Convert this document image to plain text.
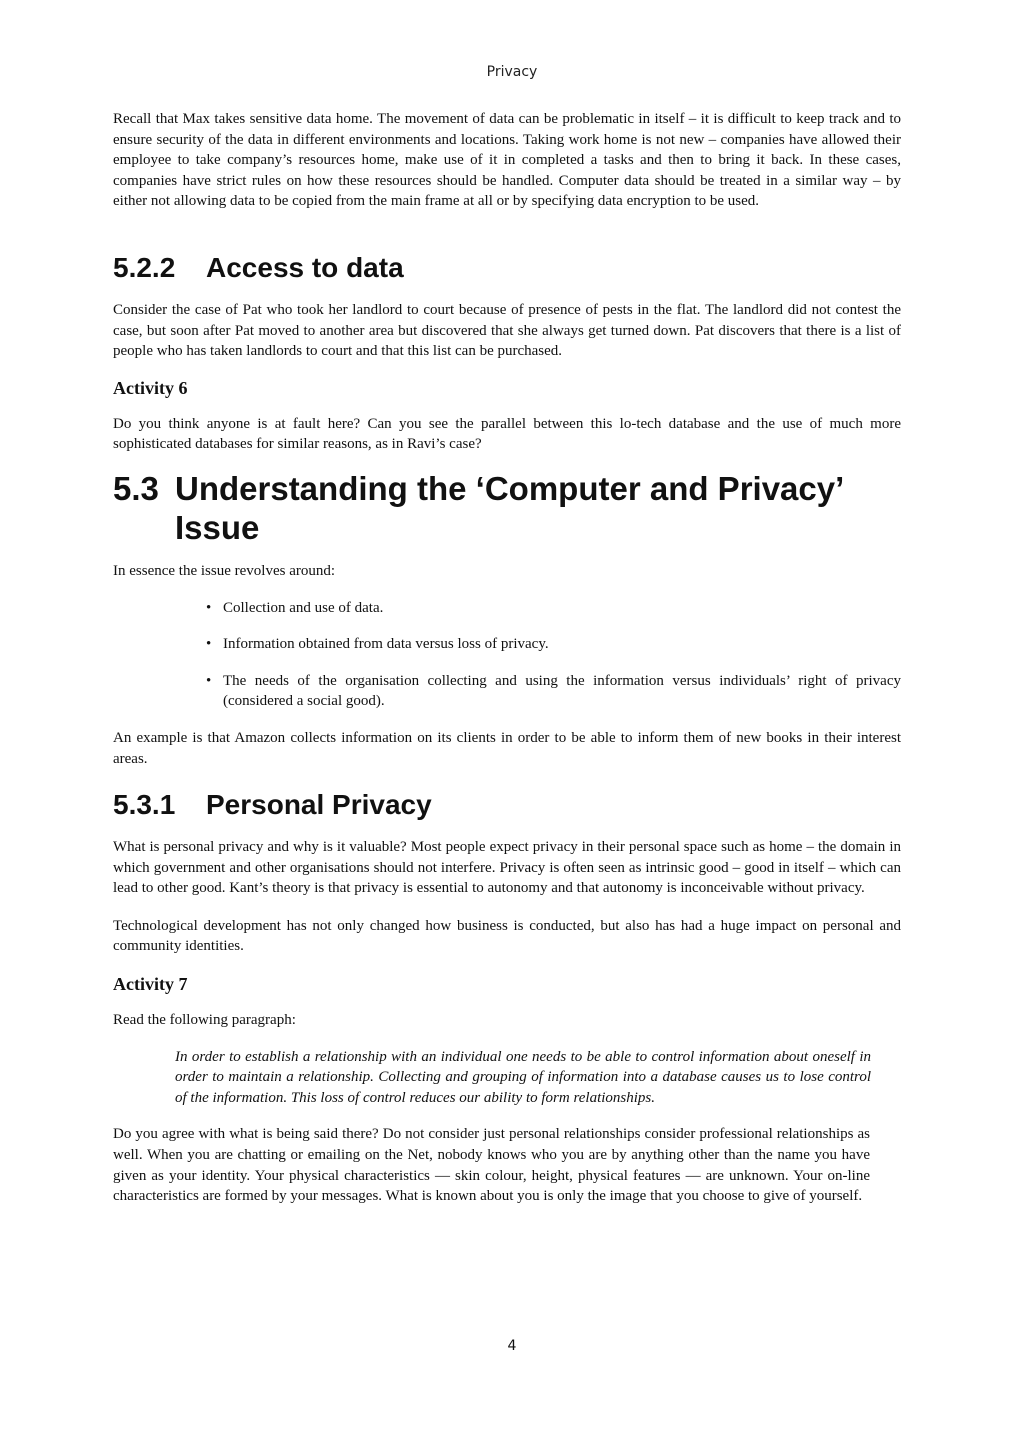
Privacy

Recall that Max takes sensitive data home. The movement of data can be problematic in itself – it is difficult to keep track and to ensure security of the data in different environments and locations. Taking work home is not new – companies have allowed their employee to take company’s resources home, make use of it in completed a tasks and then to bring it back. In these cases, companies have strict rules on how these resources should be handled. Computer data should be treated in a similar way – by either not allowing data to be copied from the main frame at all or by specifying data encryption to be used.

5.2.2	Access to data

Consider the case of Pat who took her landlord to court because of presence of pests in the flat. The landlord did not contest the case, but soon after Pat moved to another area but discovered that she always get turned down. Pat discovers that there is a list of people who has taken landlords to court and that this list can be purchased.

Activity 6

Do you think anyone is at fault here? Can you see the parallel between this lo-tech database and the use of much more sophisticated databases for similar reasons, as in Ravi’s case?

5.3 Understanding the ‘Computer and Privacy’ Issue

In essence the issue revolves around:

• Collection and use of data.
• Information obtained from data versus loss of privacy.
• The needs of the organisation collecting and using the information versus individuals’ right of privacy (considered a social good).

An example is that Amazon collects information on its clients in order to be able to inform them of new books in their interest areas.

5.3.1	Personal Privacy

What is personal privacy and why is it valuable? Most people expect privacy in their personal space such as home – the domain in which government and other organisations should not interfere. Privacy is often seen as intrinsic good – good in itself – which can lead to other good. Kant’s theory is that privacy is essential to autonomy and that autonomy is inconceivable without privacy.

Technological development has not only changed how business is conducted, but also has had a huge impact on personal and community identities.

Activity 7

Read the following paragraph:

In order to establish a relationship with an individual one needs to be able to control information about oneself in order to maintain a relationship. Collecting and grouping of information into a database causes us to lose control of the information. This loss of control reduces our ability to form relationships.

Do you agree with what is being said there? Do not consider just personal relationships consider professional relationships as well. When you are chatting or emailing on the Net, nobody knows who you are by anything other than the name you have given as your identity. Your physical characteristics — skin colour, height, physical features — are unknown. Your on-line characteristics are formed by your messages. What is known about you is only the image that you choose to give of yourself.

4
